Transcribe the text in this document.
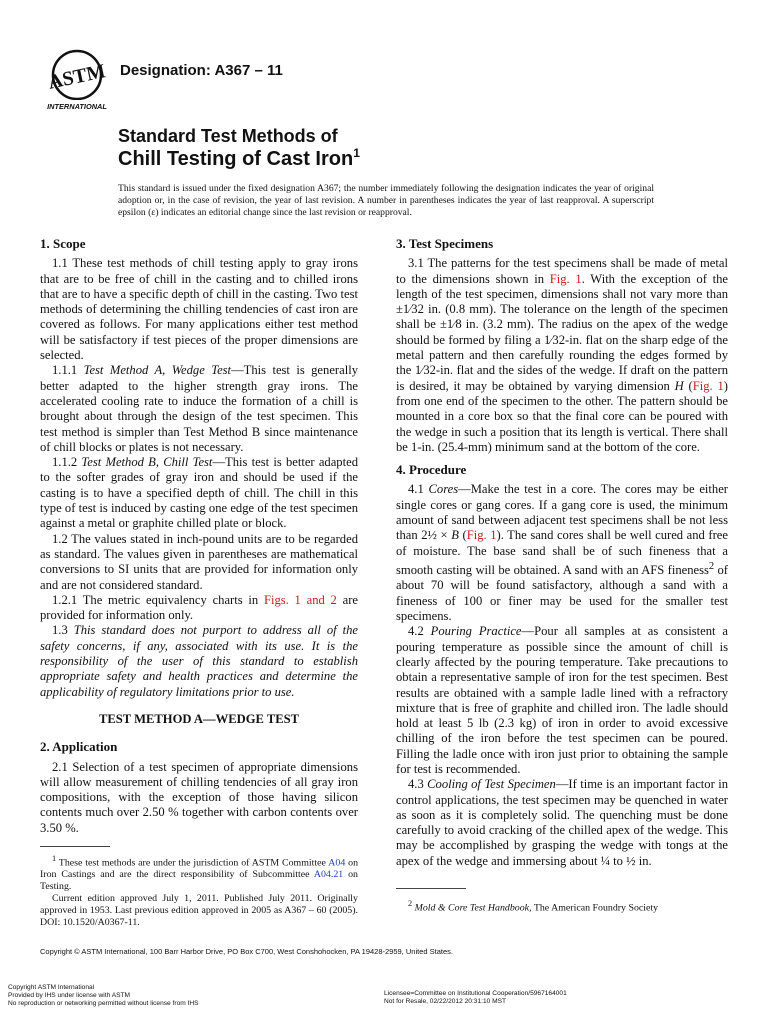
ASTM
INTERNATIONAL
Designation: A367 – 11
Standard Test Methods of
Chill Testing of Cast Iron$^1$
This standard is issued under the fixed designation A367; the number immediately following the designation indicates the year of original adoption or, in the case of revision, the year of last revision. A number in parentheses indicates the year of last reapproval. A superscript epsilon (ε) indicates an editorial change since the last revision or reapproval.
1. Scope

1.1 These test methods of chill testing apply to gray irons that are to be free of chill in the casting and to chilled irons that are to have a specific depth of chill in the casting. Two test methods of determining the chilling tendencies of cast iron are covered as follows. For many applications either test method will be satisfactory if test pieces of the proper dimensions are selected.

1.1.1 Test Method A, Wedge Test—This test is generally better adapted to the higher strength gray irons. The accelerated cooling rate to induce the formation of a chill is brought about through the design of the test specimen. This test method is simpler than Test Method B since maintenance of chill blocks or plates is not necessary.

1.1.2 Test Method B, Chill Test—This test is better adapted to the softer grades of gray iron and should be used if the casting is to have a specified depth of chill. The chill in this type of test is induced by casting one edge of the test specimen against a metal or graphite chilled plate or block.

1.2 The values stated in inch-pound units are to be regarded as standard. The values given in parentheses are mathematical conversions to SI units that are provided for information only and are not considered standard.

1.2.1 The metric equivalency charts in Figs. 1 and 2 are provided for information only.

1.3 This standard does not purport to address all of the safety concerns, if any, associated with its use. It is the responsibility of the user of this standard to establish appropriate safety and health practices and determine the applicability of regulatory limitations prior to use.

TEST METHOD A—WEDGE TEST
2. Application

2.1 Selection of a test specimen of appropriate dimensions will allow measurement of chilling tendencies of all gray iron compositions, with the exception of those having silicon contents much over 2.50 % together with carbon contents over 3.50 %.

3. Test Specimens

3.1 The patterns for the test specimens shall be made of metal to the dimensions shown in Fig. 1. With the exception of the length of the test specimen, dimensions shall not vary more than ±1⁄32 in. (0.8 mm). The tolerance on the length of the specimen shall be ±1⁄8 in. (3.2 mm). The radius on the apex of the wedge should be formed by filing a 1⁄32-in. flat on the sharp edge of the metal pattern and then carefully rounding the edges formed by the 1⁄32-in. flat and the sides of the wedge. If draft on the pattern is desired, it may be obtained by varying dimension H (Fig. 1) from one end of the specimen to the other. The pattern should be mounted in a core box so that the final core can be poured with the wedge in such a position that its length is vertical. There shall be 1-in. (25.4-mm) minimum sand at the bottom of the core.

4. Procedure

4.1 Cores—Make the test in a core. The cores may be either single cores or gang cores. If a gang core is used, the minimum amount of sand between adjacent test specimens shall be not less than 2½ × B (Fig. 1). The sand cores shall be well cured and free of moisture. The base sand shall be of such fineness that a smooth casting will be obtained. A sand with an AFS fineness$^2$ of about 70 will be found satisfactory, although a sand with a fineness of 100 or finer may be used for the smaller test specimens.

4.2 Pouring Practice—Pour all samples at as consistent a pouring temperature as possible since the amount of chill is clearly affected by the pouring temperature. Take precautions to obtain a representative sample of iron for the test specimen. Best results are obtained with a sample ladle lined with a refractory mixture that is free of graphite and chilled iron. The ladle should hold at least 5 lb (2.3 kg) of iron in order to avoid excessive chilling of the iron before the test specimen can be poured. Filling the ladle once with iron just prior to obtaining the sample for test is recommended.

4.3 Cooling of Test Specimen—If time is an important factor in control applications, the test specimen may be quenched in water as soon as it is completely solid. The quenching must be done carefully to avoid cracking of the chilled apex of the wedge. This may be accomplished by grasping the wedge with tongs at the apex of the wedge and immersing about ¼ to ½ in.

$^1$ These test methods are under the jurisdiction of ASTM Committee A04 on Iron Castings and are the direct responsibility of Subcommittee A04.21 on Testing.
Current edition approved July 1, 2011. Published July 2011. Originally approved in 1953. Last previous edition approved in 2005 as A367 – 60 (2005). DOI: 10.1520/A0367-11.
$^2$ Mold & Core Test Handbook, The American Foundry Society
Copyright © ASTM International, 100 Barr Harbor Drive, PO Box C700, West Conshohocken, PA 19428-2959, United States.
Copyright ASTM International
Provided by IHS under license with ASTM
No reproduction or networking permitted without license from IHS
Licensee=Committee on Institutional Cooperation/5967164001
Not for Resale, 02/22/2012 20:31:10 MST
